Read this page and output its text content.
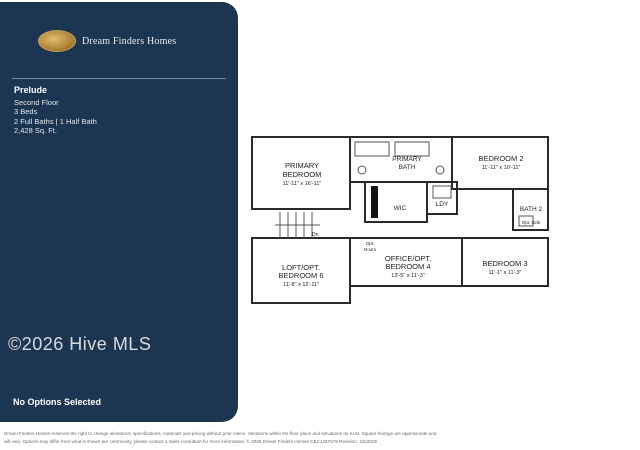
Dream Finders Homes
Prelude
Second Floor
3 Beds
2 Full Baths | 1 Half Bath
2,428 Sq. Ft.
No Options Selected
©2026 Hive MLS
PRIMARY
BEDROOM
11'-11" x 16'-11"
PRIMARY
BATH
BEDROOM 2
11'-11" x 10'-11"
WIC
LDY
BATH 2
Opt. Sink
Dn
LOFT/OPT.
BEDROOM 6
11'-8" x 12'-11"
Opt.
Doors
OFFICE/OPT.
BEDROOM 4
13'-5" x 11'-3"
BEDROOM 3
11'-1" x 11'-3"
Dream Finders Homes reserves the right to change elevations, specifications, materials and pricing without prior notice. Variations within the floor plans and elevations do exist. Square footage are approximate and
will vary. Options may differ from what is shown per community, please contact a sales consultant for more information. © 2026 Dream Finders Homes CBC1257579 Revision: 1/5/2026
